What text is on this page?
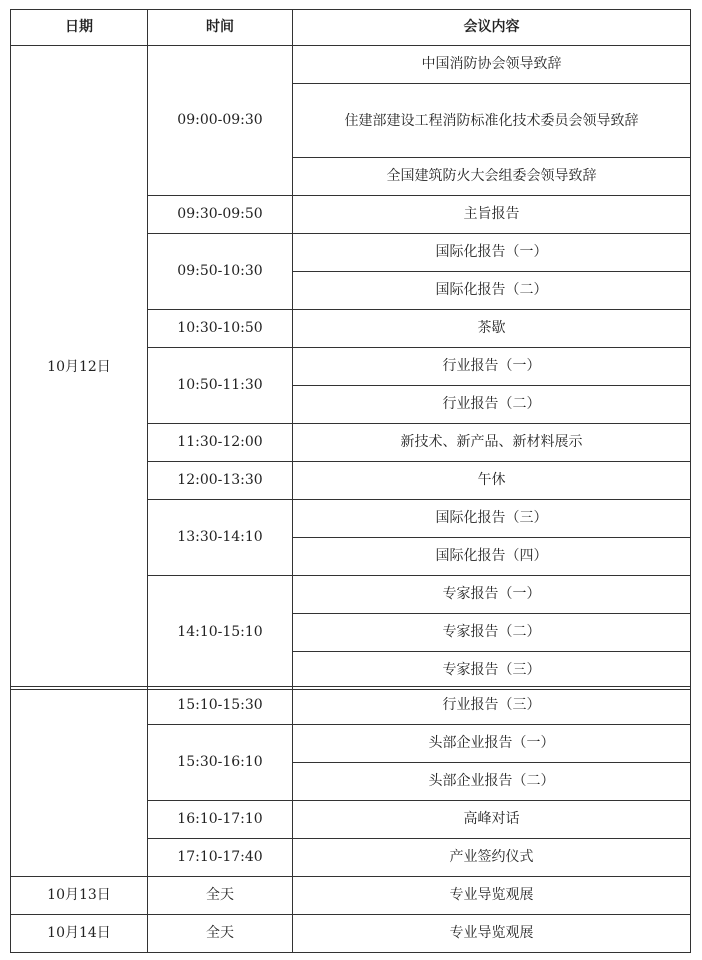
日期	时间	会议内容
10月12日	09:00-09:30	中国消防协会领导致辞
		住建部建设工程消防标准化技术委员会领导致辞
		全国建筑防火大会组委会领导致辞
	09:30-09:50	主旨报告
	09:50-10:30	国际化报告（一）
		国际化报告（二）
	10:30-10:50	茶歇
	10:50-11:30	行业报告（一）
		行业报告（二）
	11:30-12:00	新技术、新产品、新材料展示
	12:00-13:30	午休
	13:30-14:10	国际化报告（三）
		国际化报告（四）
	14:10-15:10	专家报告（一）
		专家报告（二）
		专家报告（三）
	15:10-15:30	行业报告（三）
	15:30-16:10	头部企业报告（一）
		头部企业报告（二）
	16:10-17:10	高峰对话
	17:10-17:40	产业签约仪式
10月13日	全天	专业导览观展
10月14日	全天	专业导览观展
